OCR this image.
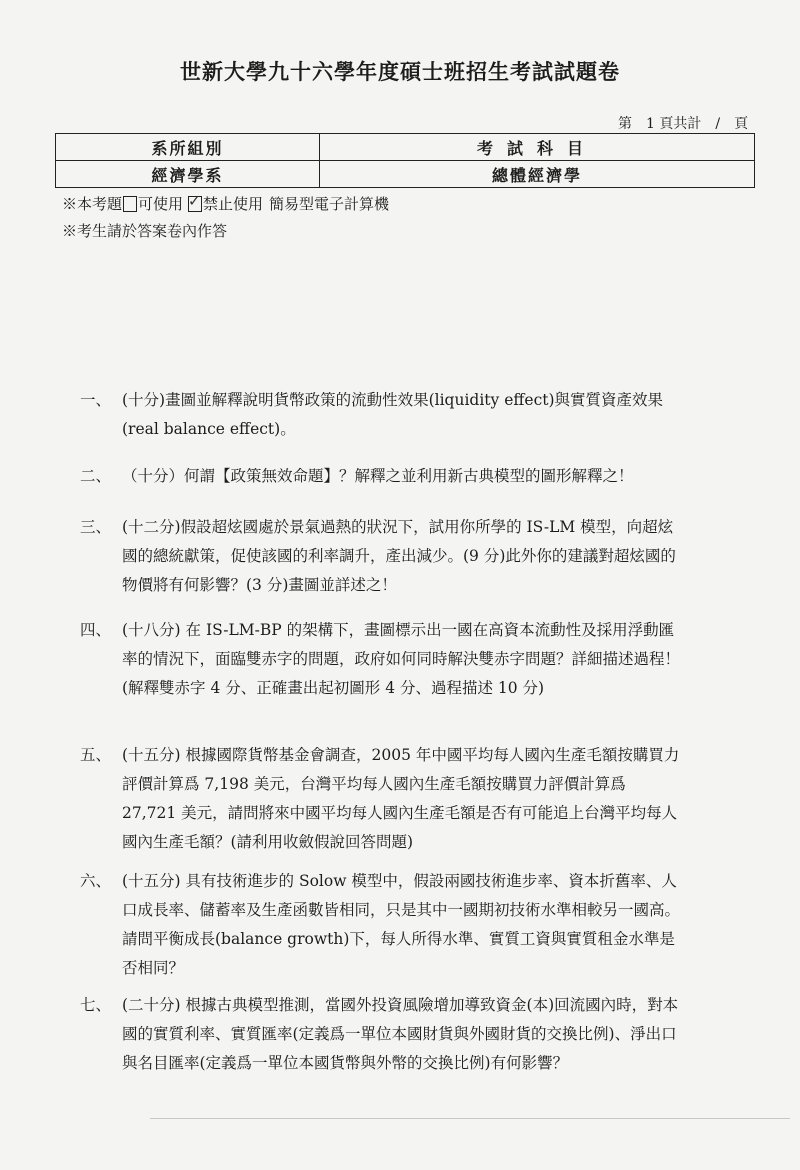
世新大學九十六學年度碩士班招生考試試題卷
第　1 頁共計　/　頁
系所組別	考試科目
經濟學系	總體經濟學
※本考題 可使用 ✓ 禁止使用 簡易型電子計算機
※考生請於答案卷內作答
一、 (十分)畫圖並解釋說明貨幣政策的流動性效果(liquidity effect)與實質資產效果(real balance effect)。
二、 （十分）何謂【政策無效命題】？解釋之並利用新古典模型的圖形解釋之！
三、 (十二分)假設超炫國處於景氣過熱的狀況下，試用你所學的 IS-LM 模型，向超炫國的總統獻策，促使該國的利率調升，產出減少。(9 分)此外你的建議對超炫國的物價將有何影響？(3 分)畫圖並詳述之！
四、 (十八分) 在 IS-LM-BP 的架構下，畫圖標示出一國在高資本流動性及採用浮動匯率的情況下，面臨雙赤字的問題，政府如何同時解決雙赤字問題？詳細描述過程！(解釋雙赤字 4 分、正確畫出起初圖形 4 分、過程描述 10 分)
五、 (十五分) 根據國際貨幣基金會調查，2005 年中國平均每人國內生產毛額按購買力評價計算爲 7,198 美元，台灣平均每人國內生產毛額按購買力評價計算爲 27,721 美元，請問將來中國平均每人國內生產毛額是否有可能追上台灣平均每人國內生產毛額？(請利用收斂假說回答問題)
六、 (十五分) 具有技術進步的 Solow 模型中，假設兩國技術進步率、資本折舊率、人口成長率、儲蓄率及生產函數皆相同，只是其中一國期初技術水準相較另一國高。請問平衡成長(balance growth)下，每人所得水準、實質工資與實質租金水準是否相同？
七、 (二十分) 根據古典模型推測，當國外投資風險增加導致資金(本)回流國內時，對本國的實質利率、實質匯率(定義爲一單位本國財貨與外國財貨的交換比例)、淨出口與名目匯率(定義爲一單位本國貨幣與外幣的交換比例)有何影響？
